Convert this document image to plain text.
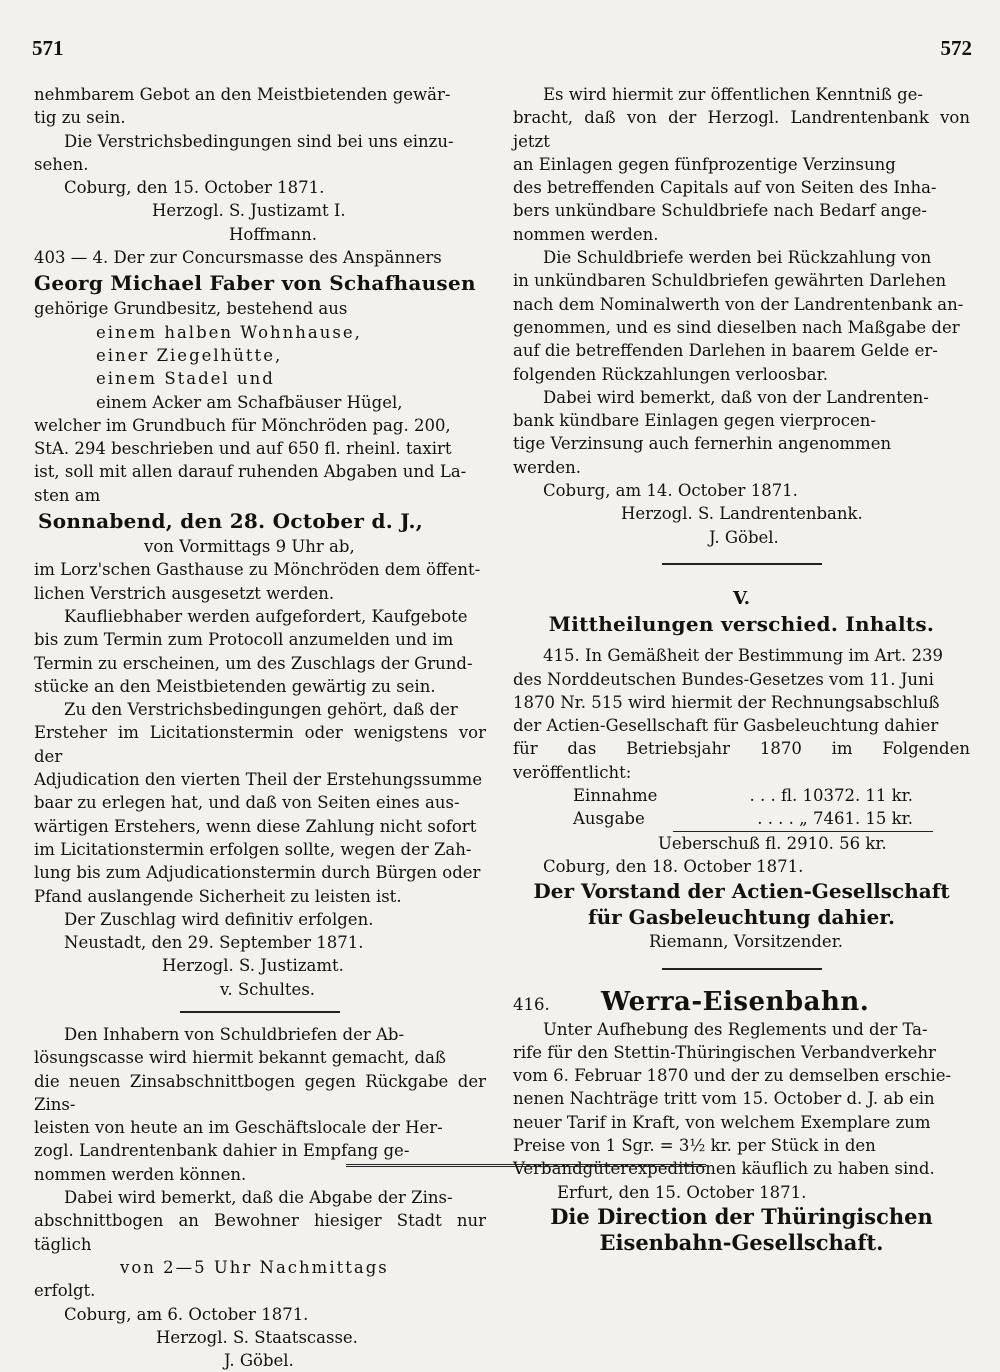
571	572

nehmbarem Gebot an den Meistbietenden gewär-

tig zu sein.

Die Verstrichsbedingungen sind bei uns einzu-

sehen.

Coburg, den 15. October 1871.

Herzogl. S. Justizamt I.

Hoffmann.

403 — 4. Der zur Concursmasse des Anspänners

Georg Michael Faber von Schafhausen

gehörige Grundbesitz, bestehend aus

einem halben Wohnhause,

einer Ziegelhütte,

einem Stadel und

einem Acker am Schafbäuser Hügel,

welcher im Grundbuch für Mönchröden pag. 200,

StA. 294 beschrieben und auf 650 fl. rheinl. taxirt

ist, soll mit allen darauf ruhenden Abgaben und La-

sten am

Sonnabend, den 28. October d. J.,

von Vormittags 9 Uhr ab,

im Lorz'schen Gasthause zu Mönchröden dem öffent-

lichen Verstrich ausgesetzt werden.

Kaufliebhaber werden aufgefordert, Kaufgebote

bis zum Termin zum Protocoll anzumelden und im

Termin zu erscheinen, um des Zuschlags der Grund-

stücke an den Meistbietenden gewärtig zu sein.

Zu den Verstrichsbedingungen gehört, daß der

Ersteher im Licitationstermin oder wenigstens vor der

Adjudication den vierten Theil der Erstehungssumme

baar zu erlegen hat, und daß von Seiten eines aus-

wärtigen Erstehers, wenn diese Zahlung nicht sofort

im Licitationstermin erfolgen sollte, wegen der Zah-

lung bis zum Adjudicationstermin durch Bürgen oder

Pfand auslangende Sicherheit zu leisten ist.

Der Zuschlag wird definitiv erfolgen.

Neustadt, den 29. September 1871.

Herzogl. S. Justizamt.

v. Schultes.

Den Inhabern von Schuldbriefen der Ab-

lösungscasse wird hiermit bekannt gemacht, daß

die neuen Zinsabschnittbogen gegen Rückgabe der Zins-

leisten von heute an im Geschäftslocale der Her-

zogl. Landrentenbank dahier in Empfang ge-

nommen werden können.

Dabei wird bemerkt, daß die Abgabe der Zins-

abschnittbogen an Bewohner hiesiger Stadt nur täglich

von 2—5 Uhr Nachmittags

erfolgt.

Coburg, am 6. October 1871.

Herzogl. S. Staatscasse.

J. Göbel.

Es wird hiermit zur öffentlichen Kenntniß ge-

bracht, daß von der Herzogl. Landrentenbank von jetzt

an Einlagen gegen fünfprozentige Verzinsung

des betreffenden Capitals auf von Seiten des Inha-

bers unkündbare Schuldbriefe nach Bedarf ange-

nommen werden.

Die Schuldbriefe werden bei Rückzahlung von

in unkündbaren Schuldbriefen gewährten Darlehen

nach dem Nominalwerth von der Landrentenbank an-

genommen, und es sind dieselben nach Maßgabe der

auf die betreffenden Darlehen in baarem Gelde er-

folgenden Rückzahlungen verloosbar.

Dabei wird bemerkt, daß von der Landrenten-

bank kündbare Einlagen gegen vierprocen-

tige Verzinsung auch fernerhin angenommen

werden.

Coburg, am 14. October 1871.

Herzogl. S. Landrentenbank.

J. Göbel.

V.

Mittheilungen verschied. Inhalts.

415. In Gemäßheit der Bestimmung im Art. 239

des Norddeutschen Bundes-Gesetzes vom 11. Juni

1870 Nr. 515 wird hiermit der Rechnungsabschluß

der Actien-Gesellschaft für Gasbeleuchtung dahier

für das Betriebsjahr 1870 im Folgenden veröffentlicht:

Einnahme	. . . fl. 10372. 11 kr.
Ausgabe	. . . . „ 7461. 15 kr.

Ueberschuß fl. 2910. 56 kr.

Coburg, den 18. October 1871.

Der Vorstand der Actien-Gesellschaft

für Gasbeleuchtung dahier.

Riemann, Vorsitzender.

416.	Werra-Eisenbahn.

Unter Aufhebung des Reglements und der Ta-

rife für den Stettin-Thüringischen Verbandverkehr

vom 6. Februar 1870 und der zu demselben erschie-

nenen Nachträge tritt vom 15. October d. J. ab ein

neuer Tarif in Kraft, von welchem Exemplare zum

Preise von 1 Sgr. = 3½ kr. per Stück in den

Verbandgüterexpeditionen käuflich zu haben sind.

Erfurt, den 15. October 1871.

Die Direction der Thüringischen

Eisenbahn-Gesellschaft.
